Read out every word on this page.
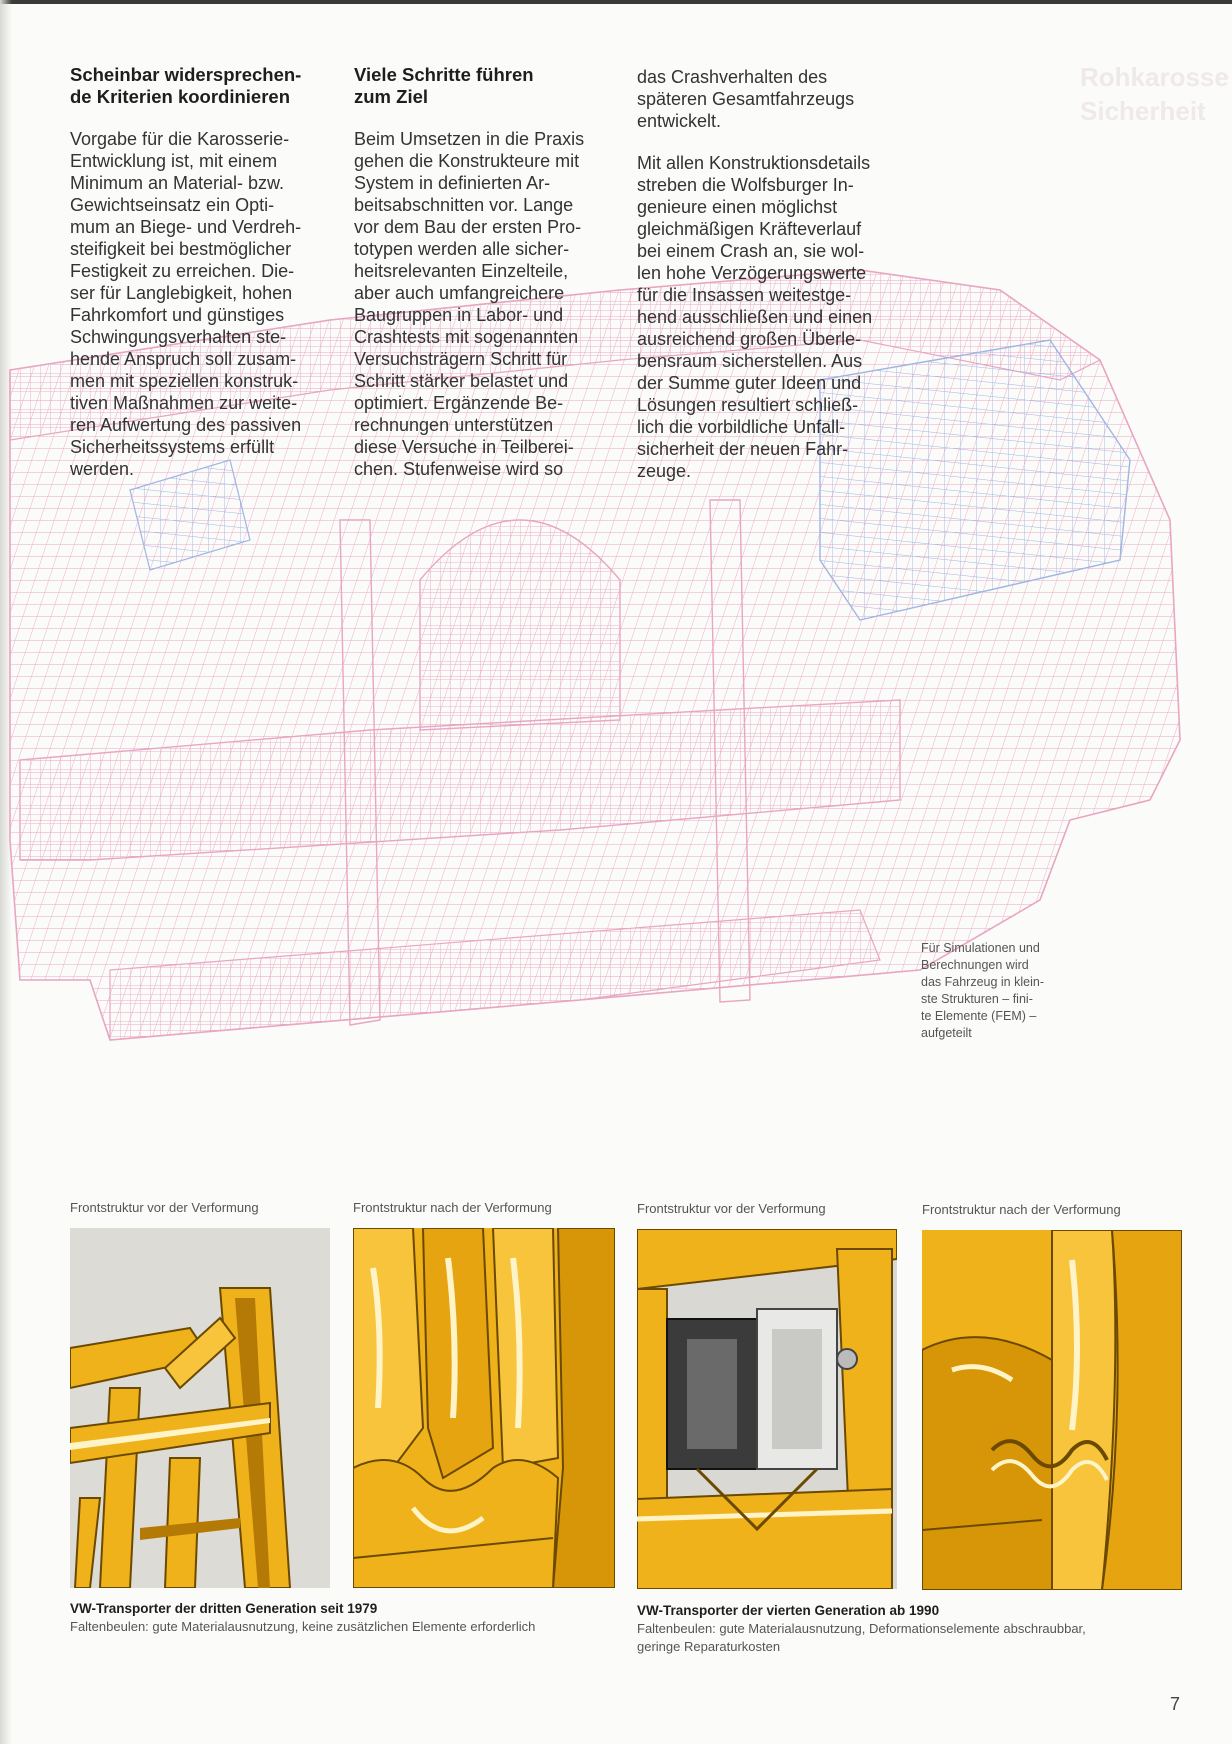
Rohkarosse
Sicherheit
Scheinbar widersprechen-
de Kriterien koordinieren

Vorgabe für die Karosserie-
Entwicklung ist, mit einem
Minimum an Material- bzw.
Gewichtseinsatz ein Opti-
mum an Biege- und Verdreh-
steifigkeit bei bestmöglicher
Festigkeit zu erreichen. Die-
ser für Langlebigkeit, hohen
Fahrkomfort und günstiges
Schwingungsverhalten ste-
hende Anspruch soll zusam-
men mit speziellen konstruk-
tiven Maßnahmen zur weite-
ren Aufwertung des passiven
Sicherheitssystems erfüllt
werden.

Viele Schritte führen
zum Ziel

Beim Umsetzen in die Praxis
gehen die Konstrukteure mit
System in definierten Ar-
beitsabschnitten vor. Lange
vor dem Bau der ersten Pro-
totypen werden alle sicher-
heitsrelevanten Einzelteile,
aber auch umfangreichere
Baugruppen in Labor- und
Crashtests mit sogenannten
Versuchsträgern Schritt für
Schritt stärker belastet und
optimiert. Ergänzende Be-
rechnungen unterstützen
diese Versuche in Teilberei-
chen. Stufenweise wird so

das Crashverhalten des
späteren Gesamtfahrzeugs
entwickelt.

Mit allen Konstruktionsdetails
streben die Wolfsburger In-
genieure einen möglichst
gleichmäßigen Kräfteverlauf
bei einem Crash an, sie wol-
len hohe Verzögerungswerte
für die Insassen weitestge-
hend ausschließen und einen
ausreichend großen Überle-
bensraum sicherstellen. Aus
der Summe guter Ideen und
Lösungen resultiert schließ-
lich die vorbildliche Unfall-
sicherheit der neuen Fahr-
zeuge.

Für Simulationen und
Berechnungen wird
das Fahrzeug in klein-
ste Strukturen – fini-
te Elemente (FEM) –
aufgeteilt
Frontstruktur vor der Verformung	Frontstruktur nach der Verformung	Frontstruktur vor der Verformung	Frontstruktur nach der Verformung
VW-Transporter der dritten Generation seit 1979
Faltenbeulen: gute Materialausnutzung, keine zusätzlichen Elemente erforderlich
VW-Transporter der vierten Generation ab 1990
Faltenbeulen: gute Materialausnutzung, Deformationselemente abschraubbar,
geringe Reparaturkosten
7
